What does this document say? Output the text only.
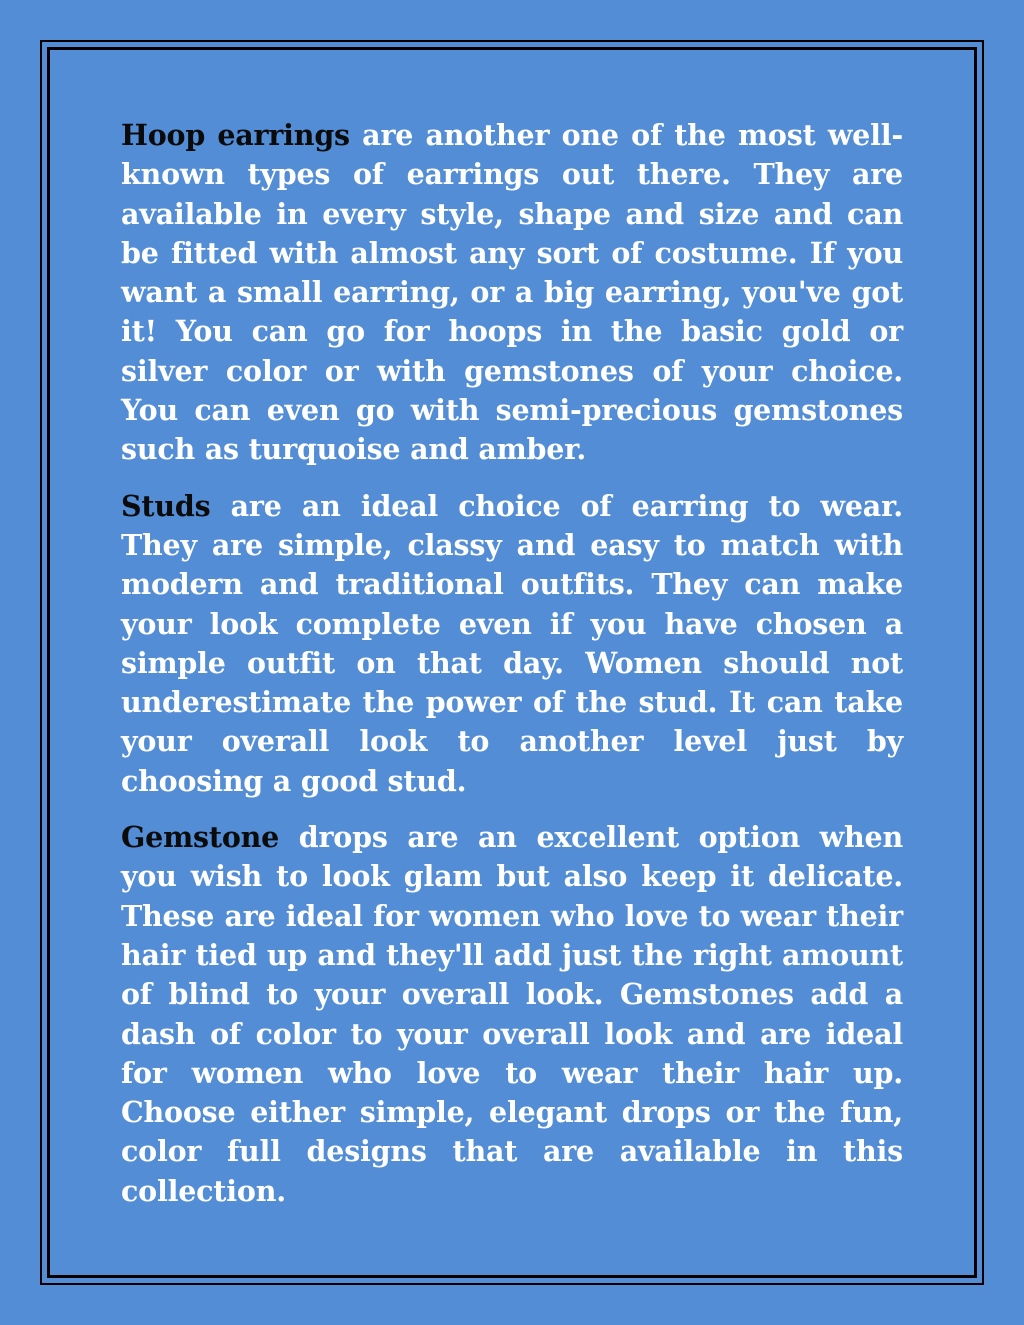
Hoop earrings are another one of the most well-known types of earrings out there. They are available in every style, shape and size and can be fitted with almost any sort of costume. If you want a small earring, or a big earring, you've got it! You can go for hoops in the basic gold or silver color or with gemstones of your choice. You can even go with semi-precious gemstones such as turquoise and amber.

Studs are an ideal choice of earring to wear. They are simple, classy and easy to match with modern and traditional outfits. They can make your look complete even if you have chosen a simple outfit on that day. Women should not underestimate the power of the stud. It can take your overall look to another level just by choosing a good stud.

Gemstone drops are an excellent option when you wish to look glam but also keep it delicate. These are ideal for women who love to wear their hair tied up and they'll add just the right amount of blind to your overall look. Gemstones add a dash of color to your overall look and are ideal for women who love to wear their hair up. Choose either simple, elegant drops or the fun, color full designs that are available in this collection.
